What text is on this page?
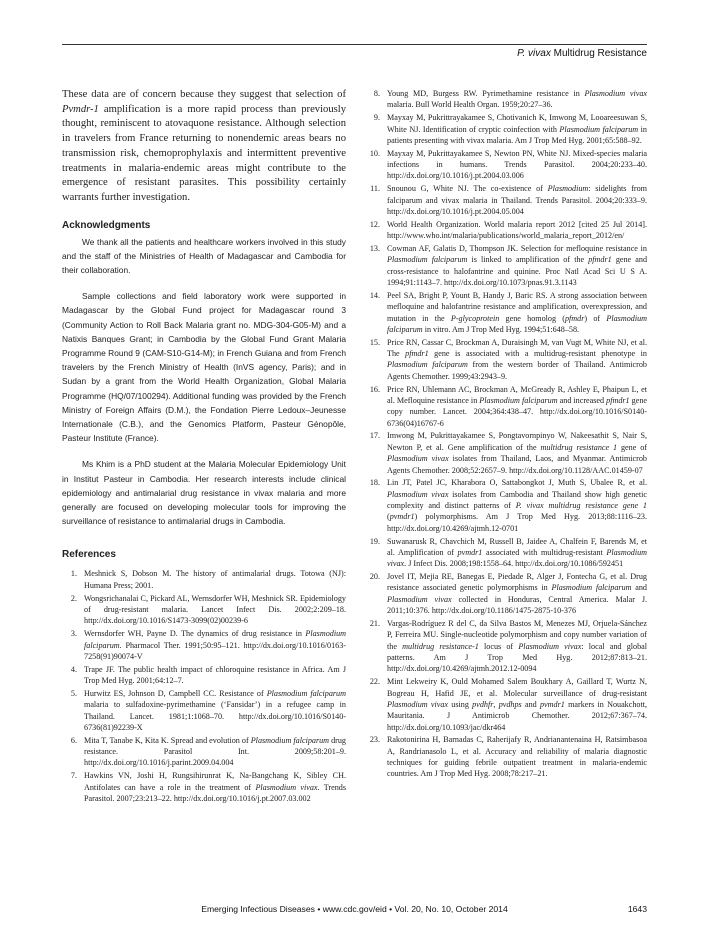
P. vivax Multidrug Resistance

These data are of concern because they suggest that selection of Pvmdr-1 amplification is a more rapid process than previously thought, reminiscent to atovaquone resistance. Although selection in travelers from France returning to nonendemic areas bears no transmission risk, chemoprophylaxis and intermittent preventive treatments in malaria-endemic areas might contribute to the emergence of resistant parasites. This possibility certainly warrants further investigation.

Acknowledgments

We thank all the patients and healthcare workers involved in this study and the staff of the Ministries of Health of Madagascar and Cambodia for their collaboration.

Sample collections and field laboratory work were supported in Madagascar by the Global Fund project for Madagascar round 3 (Community Action to Roll Back Malaria grant no. MDG-304-G05-M) and a Natixis Banques Grant; in Cambodia by the Global Fund Grant Malaria Programme Round 9 (CAM-S10-G14-M); in French Guiana and from French travelers by the French Ministry of Health (InVS agency, Paris); and in Sudan by a grant from the World Health Organization, Global Malaria Programme (HQ/07/100294). Additional funding was provided by the French Ministry of Foreign Affairs (D.M.), the Fondation Pierre Ledoux–Jeunesse Internationale (C.B.), and the Genomics Platform, Pasteur Génopôle, Pasteur Institute (France).

Ms Khim is a PhD student at the Malaria Molecular Epidemiology Unit in Institut Pasteur in Cambodia. Her research interests include clinical epidemiology and antimalarial drug resistance in vivax malaria and more generally are focused on developing molecular tools for improving the surveillance of resistance to antimalarial drugs in Cambodia.

References
1. Meshnick S, Dobson M. The history of antimalarial drugs. Totowa (NJ): Humana Press; 2001.
2. Wongsrichanalai C, Pickard AL, Wernsdorfer WH, Meshnick SR. Epidemiology of drug-resistant malaria. Lancet Infect Dis. 2002;2:209–18. http://dx.doi.org/10.1016/S1473-3099(02)00239-6
3. Wernsdorfer WH, Payne D. The dynamics of drug resistance in Plasmodium falciparum. Pharmacol Ther. 1991;50:95–121. http://dx.doi.org/10.1016/0163-7258(91)90074-V
4. Trape JF. The public health impact of chloroquine resistance in Africa. Am J Trop Med Hyg. 2001;64:12–7.
5. Hurwitz ES, Johnson D, Campbell CC. Resistance of Plasmodium falciparum malaria to sulfadoxine-pyrimethamine (‘Fansidar’) in a refugee camp in Thailand. Lancet. 1981;1:1068–70. http://dx.doi.org/10.1016/S0140-6736(81)92239-X
6. Mita T, Tanabe K, Kita K. Spread and evolution of Plasmodium falciparum drug resistance. Parasitol Int. 2009;58:201–9. http://dx.doi.org/10.1016/j.parint.2009.04.004
7. Hawkins VN, Joshi H, Rungsihirunrat K, Na-Bangchang K, Sibley CH. Antifolates can have a role in the treatment of Plasmodium vivax. Trends Parasitol. 2007;23:213–22. http://dx.doi.org/10.1016/j.pt.2007.03.002
8. Young MD, Burgess RW. Pyrimethamine resistance in Plasmodium vivax malaria. Bull World Health Organ. 1959;20:27–36.
9. Mayxay M, Pukrittrayakamee S, Chotivanich K, Imwong M, Looareesuwan S, White NJ. Identification of cryptic coinfection with Plasmodium falciparum in patients presenting with vivax malaria. Am J Trop Med Hyg. 2001;65:588–92.
10. Mayxay M, Pukrittayakamee S, Newton PN, White NJ. Mixed-species malaria infections in humans. Trends Parasitol. 2004;20:233–40. http://dx.doi.org/10.1016/j.pt.2004.03.006
11. Snounou G, White NJ. The co-existence of Plasmodium: sidelights from falciparum and vivax malaria in Thailand. Trends Parasitol. 2004;20:333–9. http://dx.doi.org/10.1016/j.pt.2004.05.004
12. World Health Organization. World malaria report 2012 [cited 25 Jul 2014]. http://www.who.int/malaria/publications/world_malaria_report_2012/en/
13. Cowman AF, Galatis D, Thompson JK. Selection for mefloquine resistance in Plasmodium falciparum is linked to amplification of the pfmdr1 gene and cross-resistance to halofantrine and quinine. Proc Natl Acad Sci U S A. 1994;91:1143–7. http://dx.doi.org/10.1073/pnas.91.3.1143
14. Peel SA, Bright P, Yount B, Handy J, Baric RS. A strong association between mefloquine and halofantrine resistance and amplification, overexpression, and mutation in the P-glycoprotein gene homolog (pfmdr) of Plasmodium falciparum in vitro. Am J Trop Med Hyg. 1994;51:648–58.
15. Price RN, Cassar C, Brockman A, Duraisingh M, van Vugt M, White NJ, et al. The pfmdr1 gene is associated with a multidrug-resistant phenotype in Plasmodium falciparum from the western border of Thailand. Antimicrob Agents Chemother. 1999;43:2943–9.
16. Price RN, Uhlemann AC, Brockman A, McGready R, Ashley E, Phaipun L, et al. Mefloquine resistance in Plasmodium falciparum and increased pfmdr1 gene copy number. Lancet. 2004;364:438–47. http://dx.doi.org/10.1016/S0140-6736(04)16767-6
17. Imwong M, Pukrittayakamee S, Pongtavornpinyo W, Nakeesathit S, Nair S, Newton P, et al. Gene amplification of the multidrug resistance 1 gene of Plasmodium vivax isolates from Thailand, Laos, and Myanmar. Antimicrob Agents Chemother. 2008;52:2657–9. http://dx.doi.org/10.1128/AAC.01459-07
18. Lin JT, Patel JC, Kharabora O, Sattabongkot J, Muth S, Ubalee R, et al. Plasmodium vivax isolates from Cambodia and Thailand show high genetic complexity and distinct patterns of P. vivax multidrug resistance gene 1 (pvmdr1) polymorphisms. Am J Trop Med Hyg. 2013;88:1116–23. http://dx.doi.org/10.4269/ajtmh.12-0701
19. Suwanarusk R, Chavchich M, Russell B, Jaidee A, Chalfein F, Barends M, et al. Amplification of pvmdr1 associated with multidrug-resistant Plasmodium vivax. J Infect Dis. 2008;198:1558–64. http://dx.doi.org/10.1086/592451
20. Jovel IT, Mejia RE, Banegas E, Piedade R, Alger J, Fontecha G, et al. Drug resistance associated genetic polymorphisms in Plasmodium falciparum and Plasmodium vivax collected in Honduras, Central America. Malar J. 2011;10:376. http://dx.doi.org/10.1186/1475-2875-10-376
21. Vargas-Rodríguez R del C, da Silva Bastos M, Menezes MJ, Orjuela-Sánchez P, Ferreira MU. Single-nucleotide polymorphism and copy number variation of the multidrug resistance-1 locus of Plasmodium vivax: local and global patterns. Am J Trop Med Hyg. 2012;87:813–21. http://dx.doi.org/10.4269/ajtmh.2012.12-0094
22. Mint Lekweiry K, Ould Mohamed Salem Boukhary A, Gaillard T, Wurtz N, Bogreau H, Hafid JE, et al. Molecular surveillance of drug-resistant Plasmodium vivax using pvdhfr, pvdhps and pvmdr1 markers in Nouakchott, Mauritania. J Antimicrob Chemother. 2012;67:367–74. http://dx.doi.org/10.1093/jac/dkr464
23. Rakotonirina H, Barnadas C, Raherijafy R, Andrianantenaina H, Ratsimbasoa A, Randrianasolo L, et al. Accuracy and reliability of malaria diagnostic techniques for guiding febrile outpatient treatment in malaria-endemic countries. Am J Trop Med Hyg. 2008;78:217–21.
Emerging Infectious Diseases • www.cdc.gov/eid • Vol. 20, No. 10, October 2014	1643
